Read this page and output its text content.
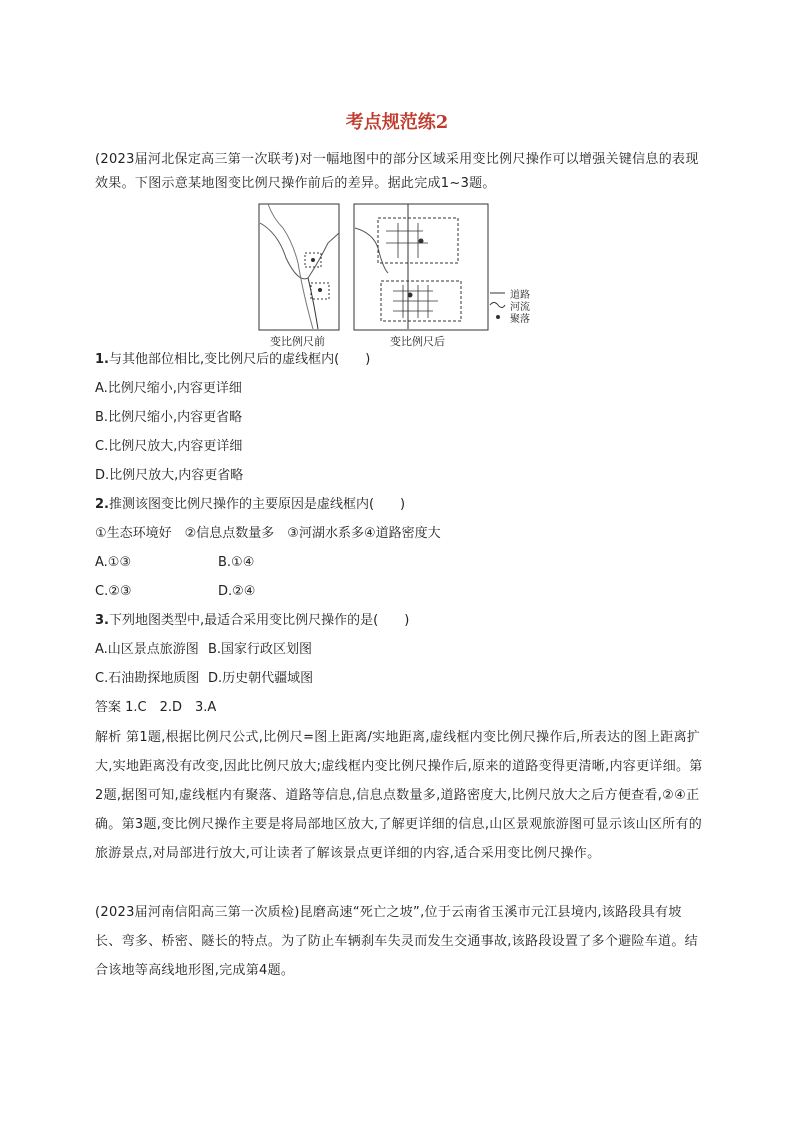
考点规范练2
(2023届河北保定高三第一次联考)对一幅地图中的部分区域采用变比例尺操作可以增强关键信息的表现效果。下图示意某地图变比例尺操作前后的差异。据此完成1~3题。
变比例尺前	变比例尺后
道路
河流
聚落
1.与其他部位相比,变比例尺后的虚线框内(　　)
A.比例尺缩小,内容更详细
B.比例尺缩小,内容更省略
C.比例尺放大,内容更详细
D.比例尺放大,内容更省略
2.推测该图变比例尺操作的主要原因是虚线框内(　　)
①生态环境好　②信息点数量多　③河湖水系多④道路密度大
A.①③	B.①④
C.②③	D.②④
3.下列地图类型中,最适合采用变比例尺操作的是(　　)
A.山区景点旅游图 B.国家行政区划图
C.石油勘探地质图 D.历史朝代疆域图
答案 1.C　2.D　3.A
解析 第1题,根据比例尺公式,比例尺=图上距离/实地距离,虚线框内变比例尺操作后,所表达的图上距离扩大,实地距离没有改变,因此比例尺放大;虚线框内变比例尺操作后,原来的道路变得更清晰,内容更详细。第2题,据图可知,虚线框内有聚落、道路等信息,信息点数量多,道路密度大,比例尺放大之后方便查看,②④正确。第3题,变比例尺操作主要是将局部地区放大,了解更详细的信息,山区景观旅游图可显示该山区所有的旅游景点,对局部进行放大,可让读者了解该景点更详细的内容,适合采用变比例尺操作。
(2023届河南信阳高三第一次质检)昆磨高速“死亡之坡”,位于云南省玉溪市元江县境内,该路段具有坡长、弯多、桥密、隧长的特点。为了防止车辆刹车失灵而发生交通事故,该路段设置了多个避险车道。结合该地等高线地形图,完成第4题。
